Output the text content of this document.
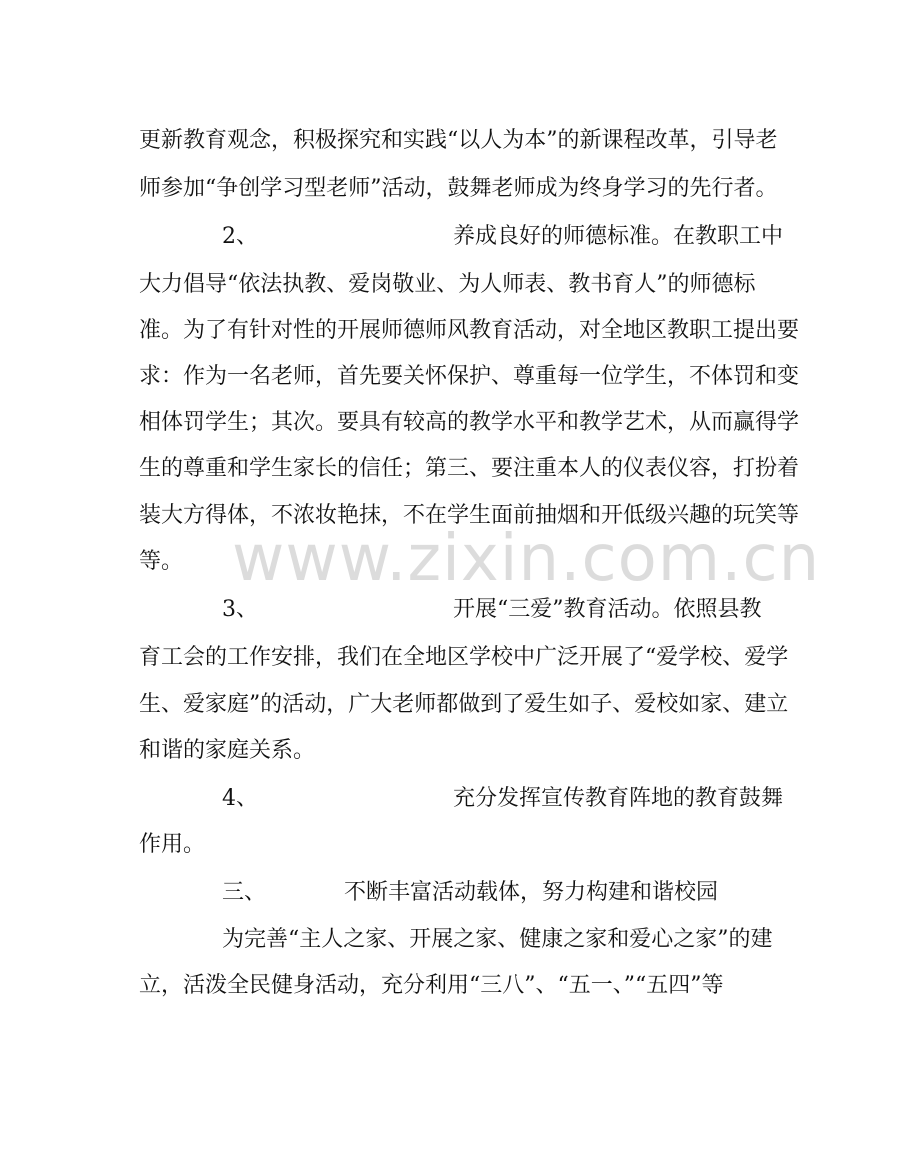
www.zixin.com.cn
更新教育观念，积极探究和实践“以人为本”的新课程改革，引导老
师参加“争创学习型老师”活动，鼓舞老师成为终身学习的先行者。
2、	养成良好的师德标准。在教职工中
大力倡导“依法执教、爱岗敬业、为人师表、教书育人”的师德标
准。为了有针对性的开展师德师风教育活动，对全地区教职工提出要
求：作为一名老师，首先要关怀保护、尊重每一位学生，不体罚和变
相体罚学生；其次。要具有较高的教学水平和教学艺术，从而赢得学
生的尊重和学生家长的信任；第三、要注重本人的仪表仪容，打扮着
装大方得体，不浓妆艳抹，不在学生面前抽烟和开低级兴趣的玩笑等
等。
3、	开展“三爱”教育活动。依照县教
育工会的工作安排，我们在全地区学校中广泛开展了“爱学校、爱学
生、爱家庭”的活动，广大老师都做到了爱生如子、爱校如家、建立
和谐的家庭关系。
4、	充分发挥宣传教育阵地的教育鼓舞
作用。
三、	不断丰富活动载体，努力构建和谐校园
为完善“主人之家、开展之家、健康之家和爱心之家”的建
立，活泼全民健身活动，充分利用“三八”、“五一、”“五四”等
